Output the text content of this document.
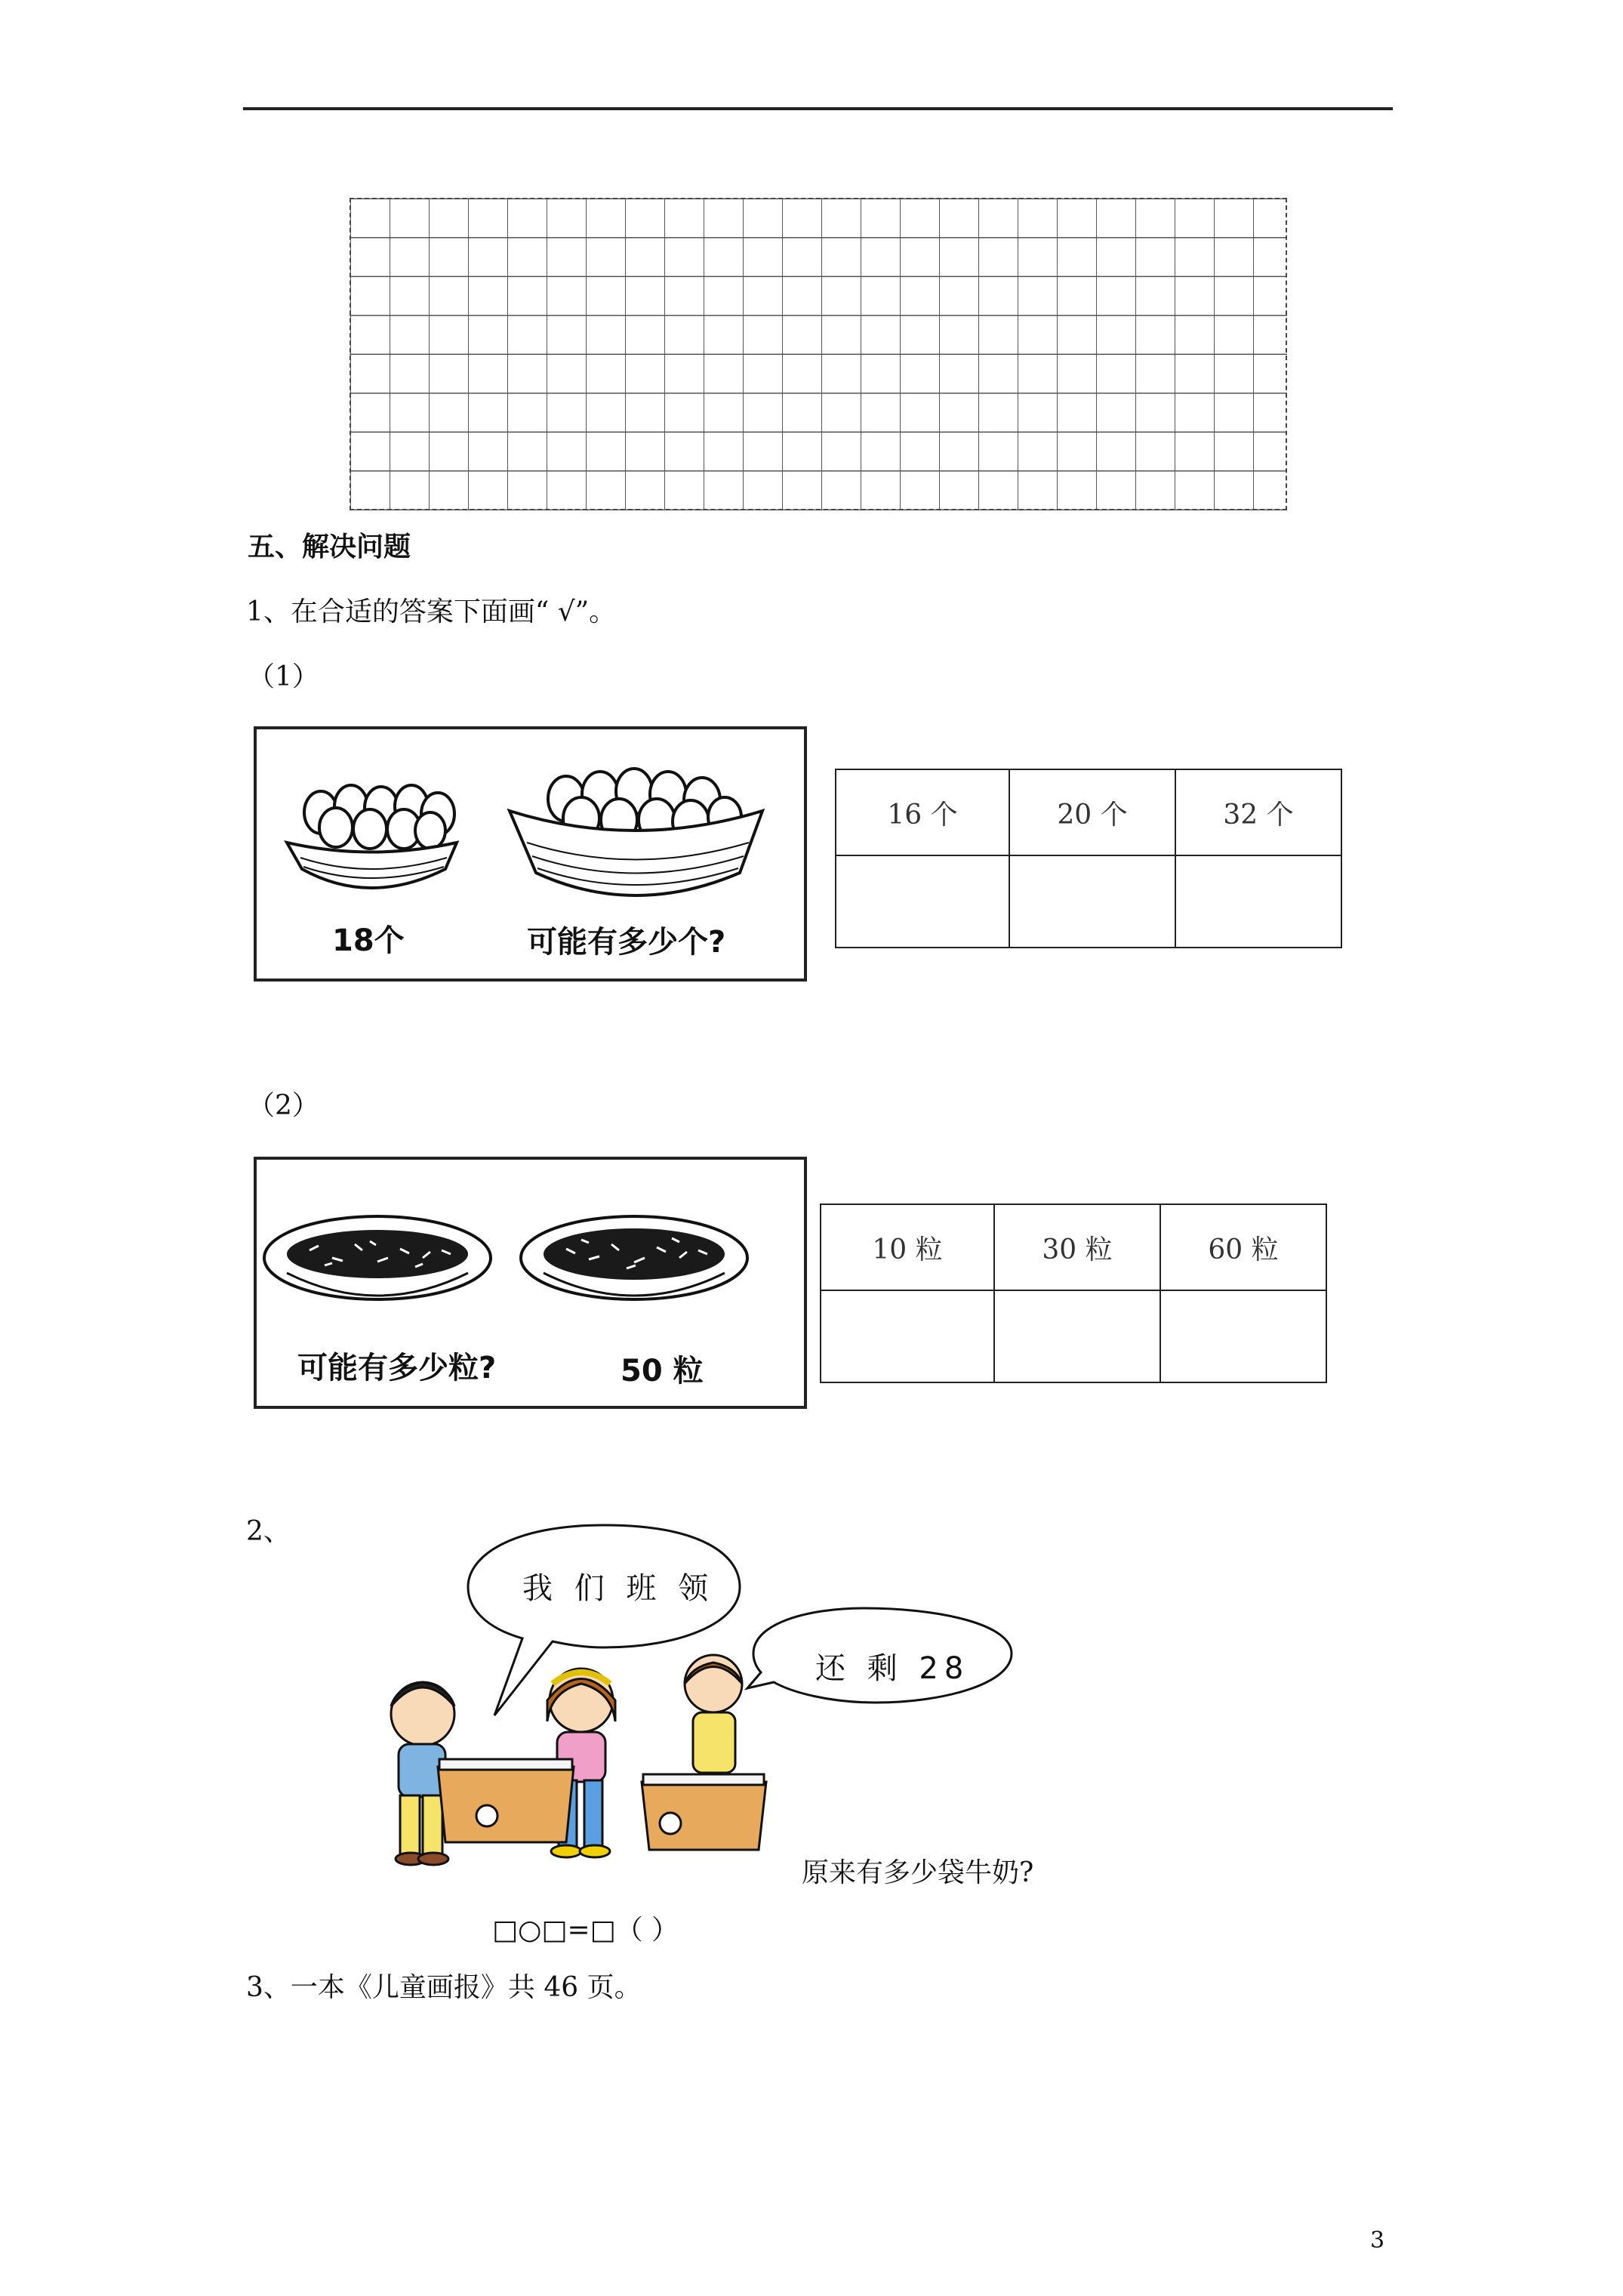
五、解决问题
1、在合适的答案下面画“ √”。
（1）
18个	可能有多少个?
16 个	20 个	32 个

（2）
可能有多少粒?	50 粒
10 粒	30 粒	60 粒

2、
我 们 班 领
还 剩 28
原来有多少袋牛奶?
□○□=□（ ）
3、一本《儿童画报》共 46 页。
3
